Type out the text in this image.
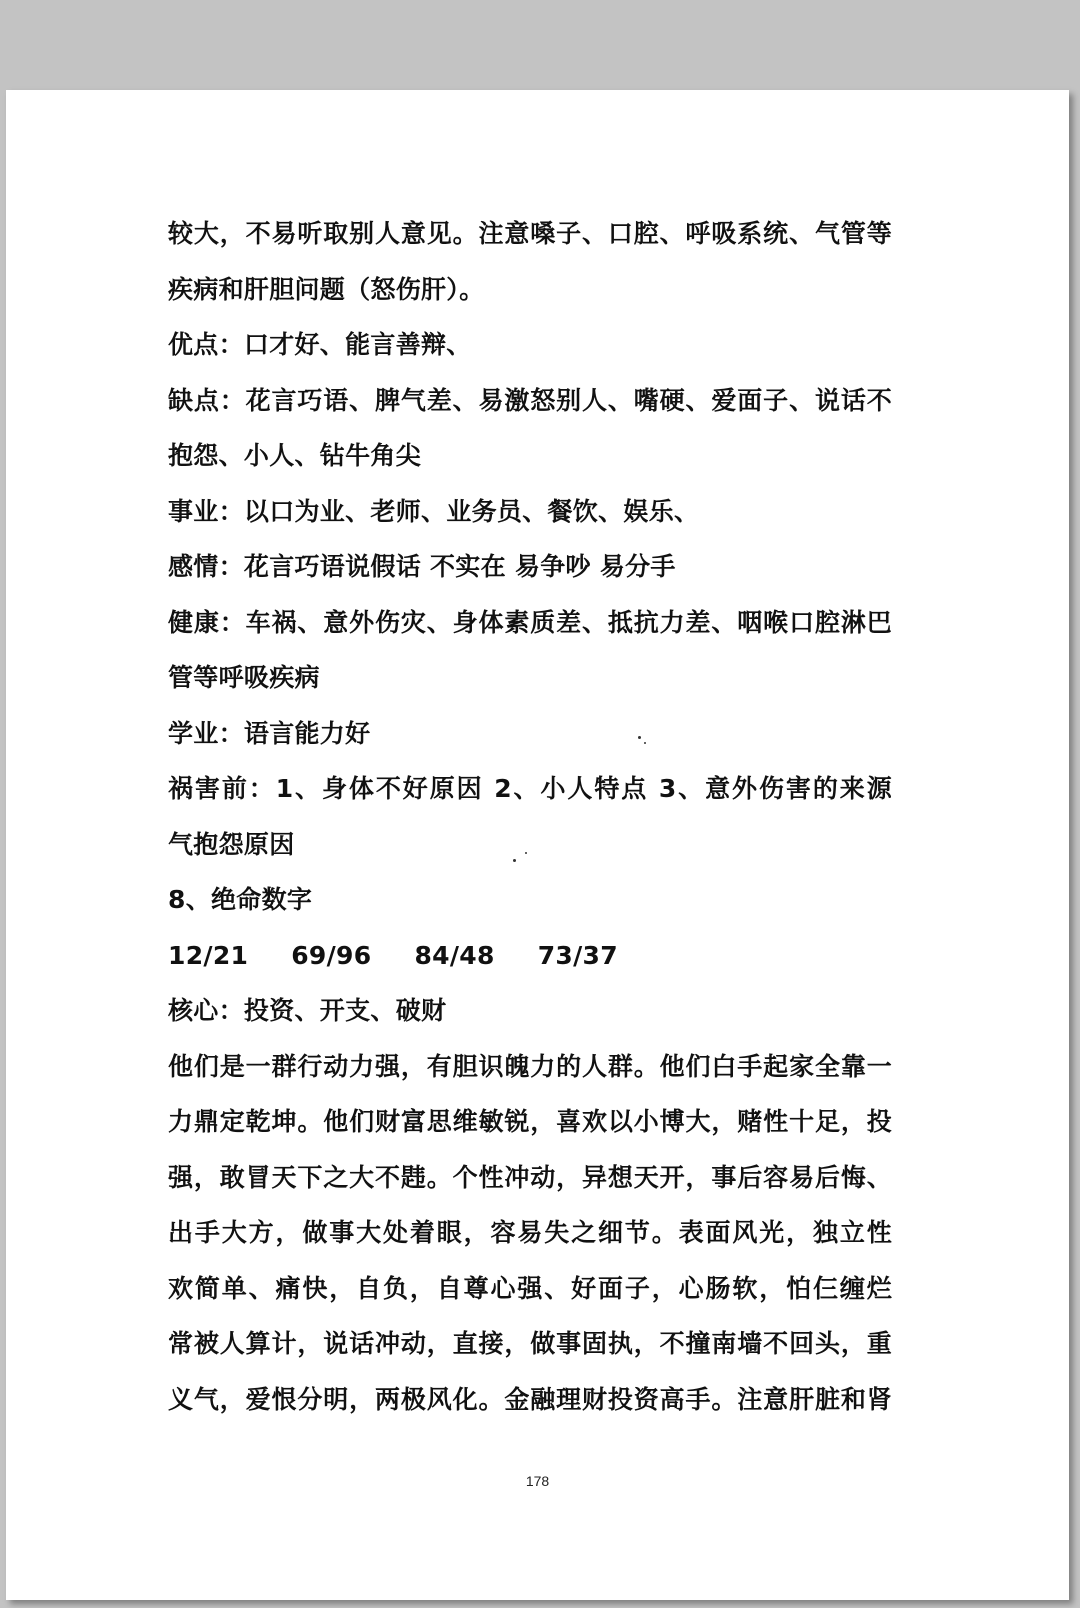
较大，不易听取别人意见。注意嗓子、口腔、呼吸系统、气管等
疾病和肝胆问题（怒伤肝）。
优点：口才好、能言善辩、
缺点：花言巧语、脾气差、易激怒别人、嘴硬、爱面子、说话不
抱怨、小人、钻牛角尖
事业：以口为业、老师、业务员、餐饮、娱乐、
感情：花言巧语说假话 不实在 易争吵 易分手
健康：车祸、意外伤灾、身体素质差、抵抗力差、咽喉口腔淋巴
管等呼吸疾病
学业：语言能力好
祸害前：1、身体不好原因 2、小人特点 3、意外伤害的来源
气抱怨原因
8、绝命数字
12/21 69/96 84/48 73/37
核心：投资、开支、破财
他们是一群行动力强，有胆识魄力的人群。他们白手起家全靠一
力鼎定乾坤。他们财富思维敏锐，喜欢以小博大，赌性十足，投
强，敢冒天下之大不韪。个性冲动，异想天开，事后容易后悔、
出手大方，做事大处着眼，容易失之细节。表面风光，独立性
欢简单、痛快，自负，自尊心强、好面子，心肠软，怕仨缠烂
常被人算计，说话冲动，直接，做事固执，不撞南墙不回头，重
义气，爱恨分明，两极风化。金融理财投资高手。注意肝脏和肾
178
